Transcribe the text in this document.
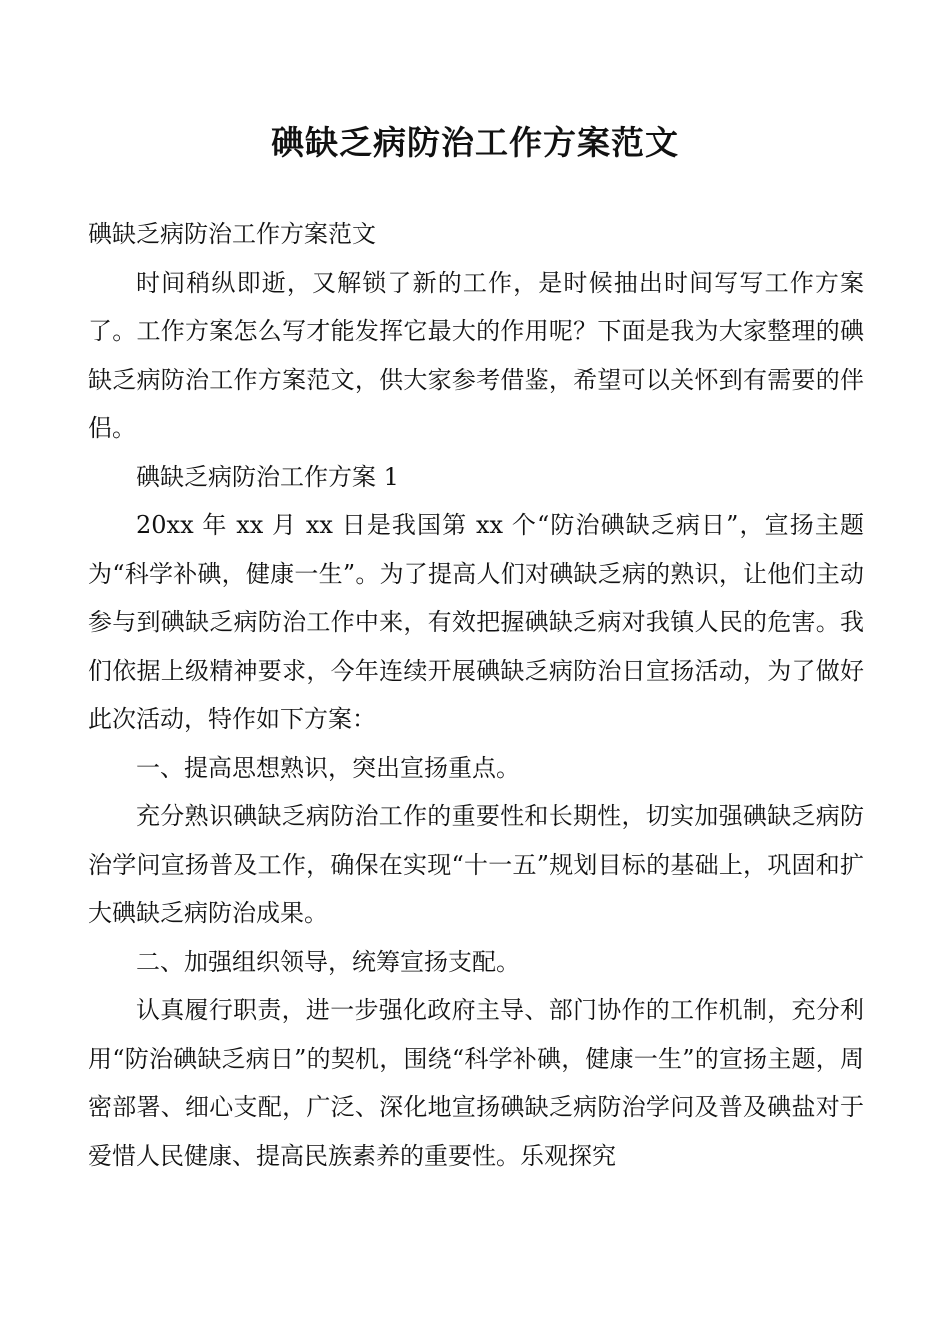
碘缺乏病防治工作方案范文

碘缺乏病防治工作方案范文

时间稍纵即逝，又解锁了新的工作，是时候抽出时间写写工作方案了。工作方案怎么写才能发挥它最大的作用呢？下面是我为大家整理的碘缺乏病防治工作方案范文，供大家参考借鉴，希望可以关怀到有需要的伴侣。

碘缺乏病防治工作方案 1

20xx 年 xx 月 xx 日是我国第 xx 个“防治碘缺乏病日”，宣扬主题为“科学补碘，健康一生”。为了提高人们对碘缺乏病的熟识，让他们主动参与到碘缺乏病防治工作中来，有效把握碘缺乏病对我镇人民的危害。我们依据上级精神要求，今年连续开展碘缺乏病防治日宣扬活动，为了做好此次活动，特作如下方案：

一、提高思想熟识，突出宣扬重点。

充分熟识碘缺乏病防治工作的重要性和长期性，切实加强碘缺乏病防治学问宣扬普及工作，确保在实现“十一五”规划目标的基础上，巩固和扩大碘缺乏病防治成果。

二、加强组织领导，统筹宣扬支配。

认真履行职责，进一步强化政府主导、部门协作的工作机制，充分利用“防治碘缺乏病日”的契机，围绕“科学补碘，健康一生”的宣扬主题，周密部署、细心支配，广泛、深化地宣扬碘缺乏病防治学问及普及碘盐对于爱惜人民健康、提高民族素养的重要性。乐观探究
